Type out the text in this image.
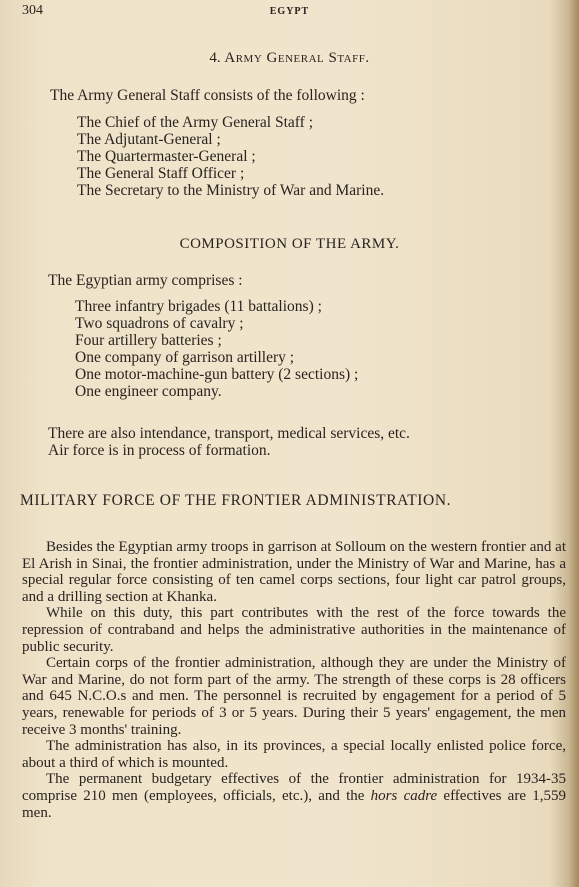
304	EGYPT
4. Army General Staff.
The Army General Staff consists of the following :
The Chief of the Army General Staff ;
The Adjutant-General ;
The Quartermaster-General ;
The General Staff Officer ;
The Secretary to the Ministry of War and Marine.
COMPOSITION OF THE ARMY.
The Egyptian army comprises :
Three infantry brigades (11 battalions) ;
Two squadrons of cavalry ;
Four artillery batteries ;
One company of garrison artillery ;
One motor-machine-gun battery (2 sections) ;
One engineer company.
There are also intendance, transport, medical services, etc.
Air force is in process of formation.
MILITARY FORCE OF THE FRONTIER ADMINISTRATION.

Besides the Egyptian army troops in garrison at Solloum on the western frontier and at El Arish in Sinai, the frontier administration, under the Ministry of War and Marine, has a special regular force consisting of ten camel corps sections, four light car patrol groups, and a drilling section at Khanka.

While on this duty, this part contributes with the rest of the force towards the repression of contraband and helps the administrative authorities in the maintenance of public security.

Certain corps of the frontier administration, although they are under the Ministry of War and Marine, do not form part of the army. The strength of these corps is 28 officers and 645 N.C.O.s and men. The personnel is recruited by engagement for a period of 5 years, renewable for periods of 3 or 5 years. During their 5 years' engagement, the men receive 3 months' training.

The administration has also, in its provinces, a special locally enlisted police force, about a third of which is mounted.

The permanent budgetary effectives of the frontier administration for 1934-35 comprise 210 men (employees, officials, etc.), and the hors cadre effectives are 1,559 men.
